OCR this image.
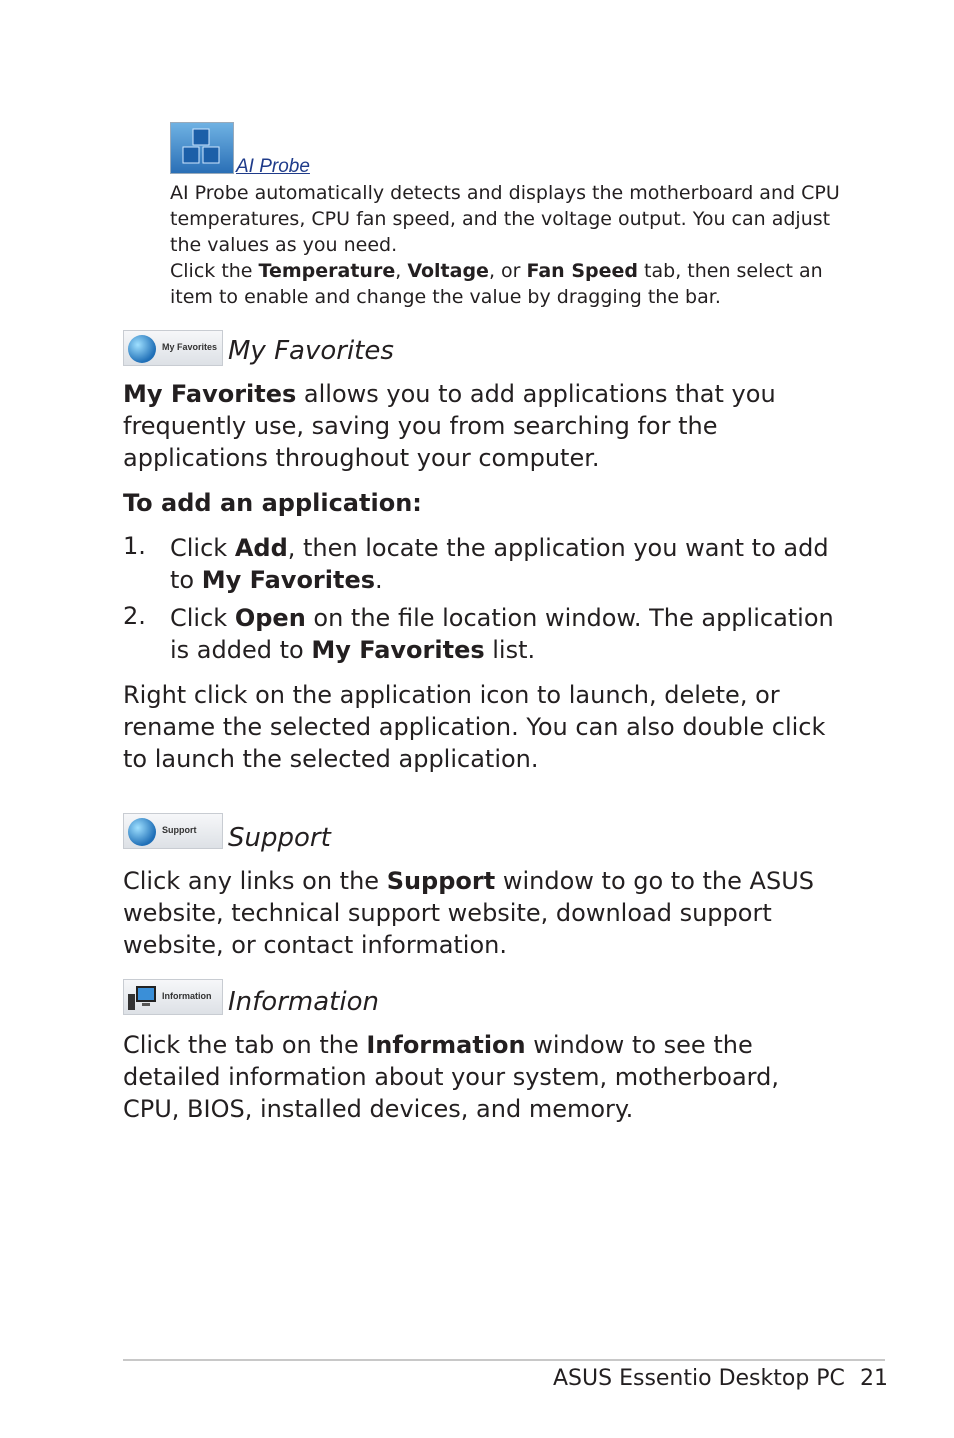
AI Probe
AI Probe automatically detects and displays the motherboard and CPU temperatures, CPU fan speed, and the voltage output. You can adjust the values as you need.
Click the Temperature, Voltage, or Fan Speed tab, then select an item to enable and change the value by dragging the bar.
My Favorites My Favorites
My Favorites allows you to add applications that you frequently use, saving you from searching for the applications throughout your computer.
To add an application:
1. Click Add, then locate the application you want to add to My Favorites.
2. Click Open on the file location window. The application is added to My Favorites list.
Right click on the application icon to launch, delete, or rename the selected application. You can also double click to launch the selected application.
Support Support
Click any links on the Support window to go to the ASUS website, technical support website, download support website, or contact information.
Information Information
Click the tab on the Information window to see the detailed information about your system, motherboard, CPU, BIOS, installed devices, and memory.
ASUS Essentio Desktop PC 21
